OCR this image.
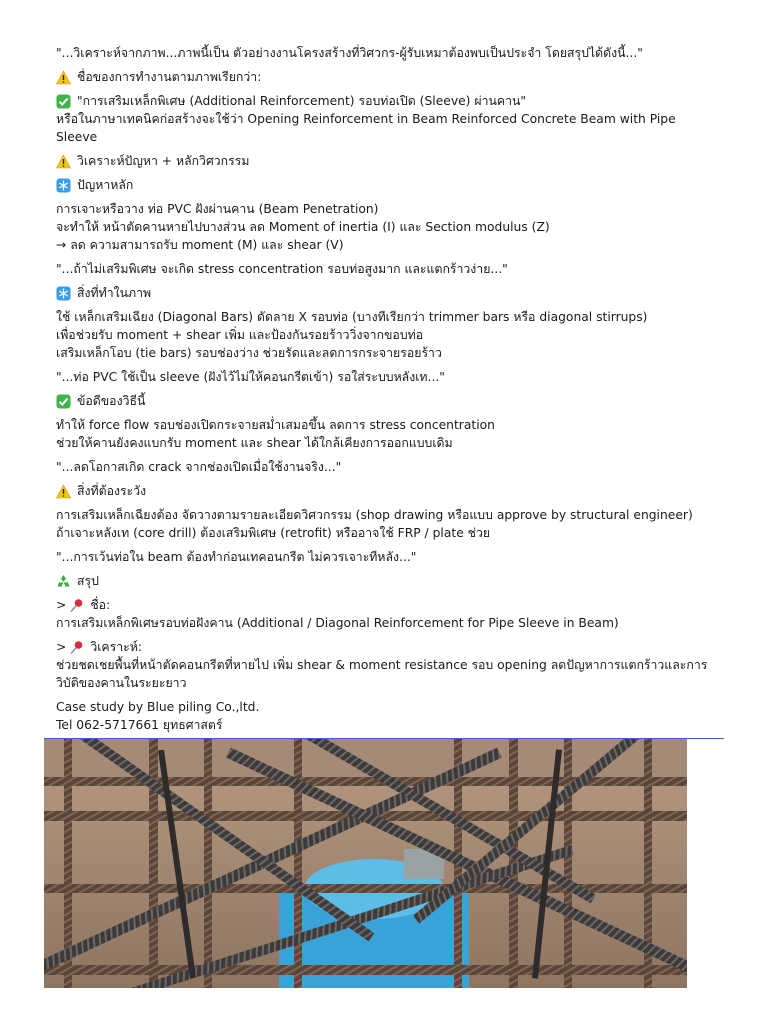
"...วิเคราะห์จากภาพ...ภาพนี้เป็น ตัวอย่างงานโครงสร้างที่วิศวกร-ผู้รับเหมาต้องพบเป็นประจำ โดยสรุปได้ดังนี้..."

ชื่อของการทำงานตามภาพเรียกว่า:

"การเสริมเหล็กพิเศษ (Additional Reinforcement) รอบท่อเปิด (Sleeve) ผ่านคาน"

หรือในภาษาเทคนิคก่อสร้างจะใช้ว่า Opening Reinforcement in Beam Reinforced Concrete Beam with Pipe Sleeve

วิเคราะห์ปัญหา + หลักวิศวกรรม

ปัญหาหลัก

การเจาะหรือวาง ท่อ PVC ฝังผ่านคาน (Beam Penetration)

จะทำให้ หน้าตัดคานหายไปบางส่วน ลด Moment of inertia (I) และ Section modulus (Z)

→ ลด ความสามารถรับ moment (M) และ shear (V)

"...ถ้าไม่เสริมพิเศษ จะเกิด stress concentration รอบท่อสูงมาก และแตกร้าวง่าย..."

สิ่งที่ทำในภาพ

ใช้ เหล็กเสริมเฉียง (Diagonal Bars) ดัดลาย X รอบท่อ (บางทีเรียกว่า trimmer bars หรือ diagonal stirrups)

เพื่อช่วยรับ moment + shear เพิ่ม และป้องกันรอยร้าววิ่งจากขอบท่อ

เสริมเหล็กโอบ (tie bars) รอบช่องว่าง ช่วยรัดและลดการกระจายรอยร้าว

"...ท่อ PVC ใช้เป็น sleeve (ฝังไว้ไม่ให้คอนกรีตเข้า) รอใส่ระบบหลังเท..."

ข้อดีของวิธีนี้

ทำให้ force flow รอบช่องเปิดกระจายสม่ำเสมอขึ้น ลดการ stress concentration

ช่วยให้คานยังคงแบกรับ moment และ shear ได้ใกล้เคียงการออกแบบเดิม

"...ลดโอกาสเกิด crack จากช่องเปิดเมื่อใช้งานจริง..."

สิ่งที่ต้องระวัง

การเสริมเหล็กเฉียงต้อง จัดวางตามรายละเอียดวิศวกรรม (shop drawing หรือแบบ approve by structural engineer)

ถ้าเจาะหลังเท (core drill) ต้องเสริมพิเศษ (retrofit) หรืออาจใช้ FRP / plate ช่วย

"...การเว้นท่อใน beam ต้องทำก่อนเทคอนกรีต ไม่ควรเจาะทีหลัง..."

สรุป

> ชื่อ:

การเสริมเหล็กพิเศษรอบท่อฝังคาน (Additional / Diagonal Reinforcement for Pipe Sleeve in Beam)

> วิเคราะห์:

ช่วยชดเชยพื้นที่หน้าตัดคอนกรีตที่หายไป เพิ่ม shear & moment resistance รอบ opening ลดปัญหาการแตกร้าวและการวิบัติของคานในระยะยาว

Case study by Blue piling Co.,ltd.

Tel 062-5717661 ยุทธศาสตร์
